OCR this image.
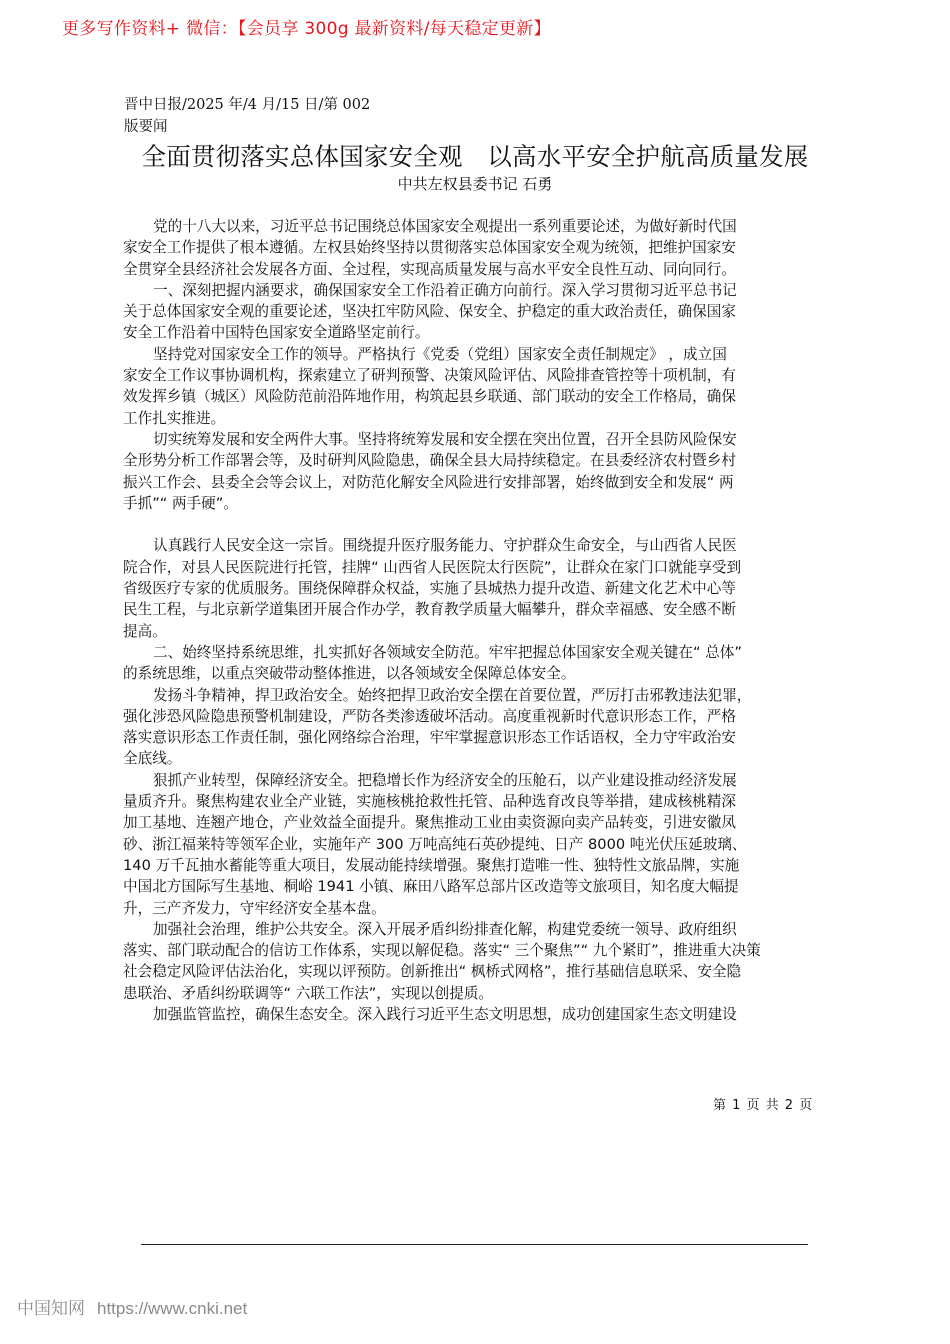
更多写作资料+ 微信：【会员享 300g 最新资料/每天稳定更新】
晋中日报/2025 年/4 月/15 日/第 002
版要闻
全面贯彻落实总体国家安全观　以高水平安全护航高质量发展
中共左权县委书记 石勇
党的十八大以来，习近平总书记围绕总体国家安全观提出一系列重要论述，为做好新时代国
家安全工作提供了根本遵循。左权县始终坚持以贯彻落实总体国家安全观为统领，把维护国家安
全贯穿全县经济社会发展各方面、全过程，实现高质量发展与高水平安全良性互动、同向同行。
一、深刻把握内涵要求，确保国家安全工作沿着正确方向前行。深入学习贯彻习近平总书记
关于总体国家安全观的重要论述，坚决扛牢防风险、保安全、护稳定的重大政治责任，确保国家
安全工作沿着中国特色国家安全道路坚定前行。
坚持党对国家安全工作的领导。严格执行《党委（党组）国家安全责任制规定》 ，成立国
家安全工作议事协调机构，探索建立了研判预警、决策风险评估、风险排查管控等十项机制，有
效发挥乡镇（城区）风险防范前沿阵地作用，构筑起县乡联通、部门联动的安全工作格局，确保
工作扎实推进。
切实统筹发展和安全两件大事。坚持将统筹发展和安全摆在突出位置，召开全县防风险保安
全形势分析工作部署会等，及时研判风险隐患，确保全县大局持续稳定。在县委经济农村暨乡村
振兴工作会、县委全会等会议上，对防范化解安全风险进行安排部署，始终做到安全和发展“ 两
手抓”“ 两手硬”。
认真践行人民安全这一宗旨。围绕提升医疗服务能力、守护群众生命安全，与山西省人民医
院合作，对县人民医院进行托管，挂牌“ 山西省人民医院太行医院”，让群众在家门口就能享受到
省级医疗专家的优质服务。围绕保障群众权益，实施了县城热力提升改造、新建文化艺术中心等
民生工程，与北京新学道集团开展合作办学，教育教学质量大幅攀升，群众幸福感、安全感不断
提高。
二、始终坚持系统思维，扎实抓好各领域安全防范。牢牢把握总体国家安全观关键在“ 总体”
的系统思维，以重点突破带动整体推进，以各领域安全保障总体安全。
发扬斗争精神，捍卫政治安全。始终把捍卫政治安全摆在首要位置，严厉打击邪教违法犯罪，
强化涉恐风险隐患预警机制建设，严防各类渗透破坏活动。高度重视新时代意识形态工作，严格
落实意识形态工作责任制，强化网络综合治理，牢牢掌握意识形态工作话语权，全力守牢政治安
全底线。
狠抓产业转型，保障经济安全。把稳增长作为经济安全的压舱石，以产业建设推动经济发展
量质齐升。聚焦构建农业全产业链，实施核桃抢救性托管、品种选育改良等举措，建成核桃精深
加工基地、连翘产地仓，产业效益全面提升。聚焦推动工业由卖资源向卖产品转变，引进安徽凤
砂、浙江福莱特等领军企业，实施年产 300 万吨高纯石英砂提纯、日产 8000 吨光伏压延玻璃、
140 万千瓦抽水蓄能等重大项目，发展动能持续增强。聚焦打造唯一性、独特性文旅品牌，实施
中国北方国际写生基地、桐峪 1941 小镇、麻田八路军总部片区改造等文旅项目，知名度大幅提
升，三产齐发力，守牢经济安全基本盘。
加强社会治理，维护公共安全。深入开展矛盾纠纷排查化解，构建党委统一领导、政府组织
落实、部门联动配合的信访工作体系，实现以解促稳。落实“ 三个聚焦”“ 九个紧盯”，推进重大决策
社会稳定风险评估法治化，实现以评预防。创新推出“ 枫桥式网格”，推行基础信息联采、安全隐
患联治、矛盾纠纷联调等“ 六联工作法”，实现以创提质。
加强监管监控，确保生态安全。深入践行习近平生态文明思想，成功创建国家生态文明建设
第 1 页 共 2 页
中国知网 https://www.cnki.net
